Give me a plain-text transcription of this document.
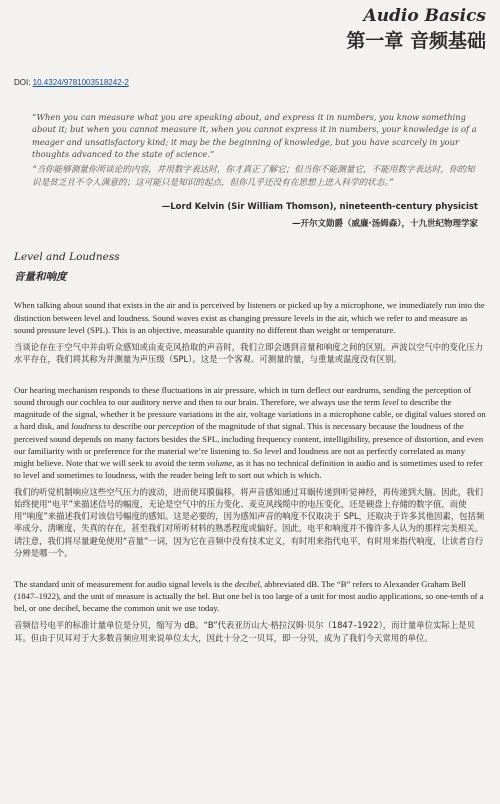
Audio Basics
第一章 音频基础
DOI: 10.4324/9781003518242-2
“When you can measure what you are speaking about, and express it in numbers, you know something about it; but when you cannot measure it, when you cannot express it in numbers, your knowledge is of a meager and unsatisfactory kind; it may be the beginning of knowledge, but you have scarcely in your thoughts advanced to the state of science.”
“当你能够测量你所谈论的内容，并用数字表达时，你才真正了解它；但当你不能测量它，不能用数字表达时，你的知识是贫乏且不令人满意的；这可能只是知识的起点，但你几乎还没有在思想上进入科学的状态。”
—Lord Kelvin (Sir William Thomson), nineteenth-century physicist
—开尔文勋爵（威廉·汤姆森），十九世纪物理学家
Level and Loudness
音量和响度
When talking about sound that exists in the air and is perceived by listeners or picked up by a microphone, we immediately run into the distinction between level and loudness. Sound waves exist as changing pressure levels in the air, which we refer to and measure as sound pressure level (SPL). This is an objective, measurable quantity no different than weight or temperature.
当谈论存在于空气中并由听众感知或由麦克风拾取的声音时，我们立即会遇到音量和响度之间的区别。声波以空气中的变化压力水平存在，我们将其称为并测量为声压级（SPL）。这是一个客观、可测量的量，与重量或温度没有区别。
Our hearing mechanism responds to these fluctuations in air pressure, which in turn deflect our eardrums, sending the perception of sound through our cochlea to our auditory nerve and then to our brain. Therefore, we always use the term level to describe the magnitude of the signal, whether it be pressure variations in the air, voltage variations in a microphone cable, or digital values stored on a hard disk, and loudness to describe our perception of the magnitude of that signal. This is necessary because the loudness of the perceived sound depends on many factors besides the SPL, including frequency content, intelligibility, presence of distortion, and even our familiarity with or preference for the material we’re listening to. So level and loudness are not as perfectly correlated as many might believe. Note that we will seek to avoid the term volume, as it has no technical definition in audio and is sometimes used to refer to level and sometimes to loudness, with the reader being left to sort out which is which.
我们的听觉机制响应这些空气压力的波动，进而使耳膜偏移，将声音感知通过耳蜗传递到听觉神经，再传递到大脑。因此，我们始终使用“电平”来描述信号的幅度，无论是空气中的压力变化、麦克风线缆中的电压变化，还是硬盘上存储的数字值，而使用“响度”来描述我们对该信号幅度的感知。这是必要的，因为感知声音的响度不仅取决于 SPL，还取决于许多其他因素，包括频率成分、清晰度、失真的存在，甚至我们对所听材料的熟悉程度或偏好。因此，电平和响度并不像许多人认为的那样完美相关。请注意，我们将尽量避免使用“音量”一词，因为它在音频中没有技术定义，有时用来指代电平，有时用来指代响度，让读者自行分辨是哪一个。
The standard unit of measurement for audio signal levels is the decibel, abbreviated dB. The “B” refers to Alexander Graham Bell (1847–1922), and the unit of measure is actually the bel. But one bel is too large of a unit for most audio applications, so one-tenth of a bel, or one decibel, became the common unit we use today.
音频信号电平的标准计量单位是分贝，缩写为 dB。“B”代表亚历山大·格拉汉姆·贝尔（1847–1922），而计量单位实际上是贝耳。但由于贝耳对于大多数音频应用来说单位太大，因此十分之一贝耳，即一分贝，成为了我们今天常用的单位。
